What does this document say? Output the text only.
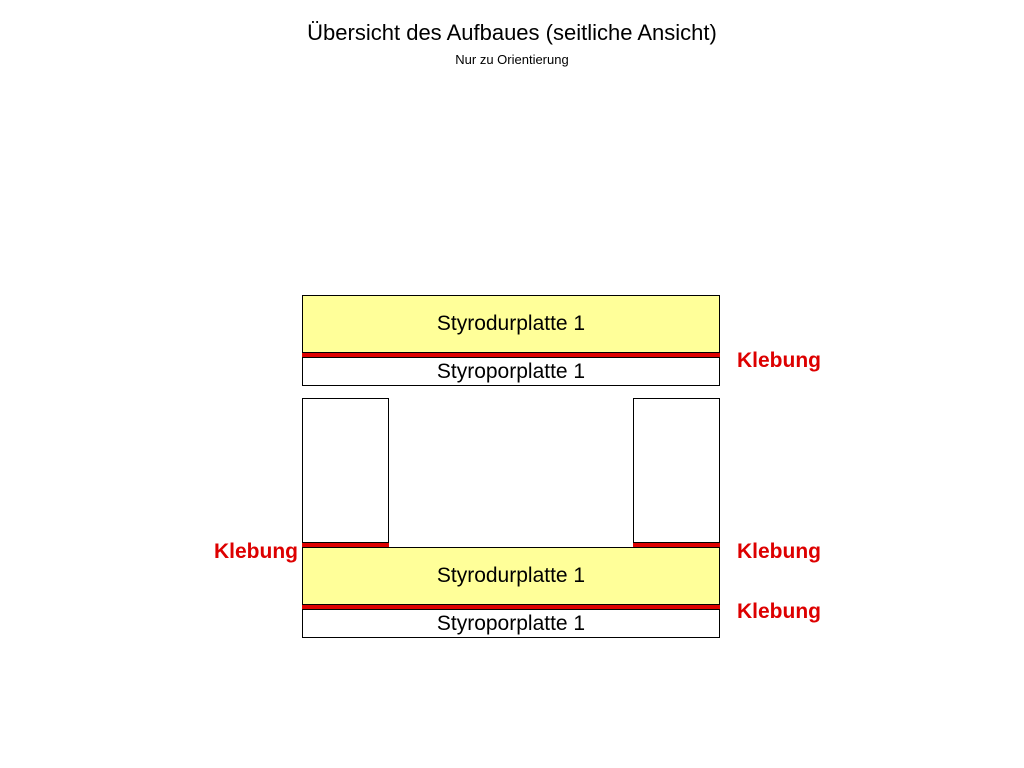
Übersicht des Aufbaues (seitliche Ansicht)
Nur zu Orientierung
Styrodurplatte 1
Styroporplatte 1	Klebung
Klebung	Klebung
Styrodurplatte 1
Styroporplatte 1	Klebung
